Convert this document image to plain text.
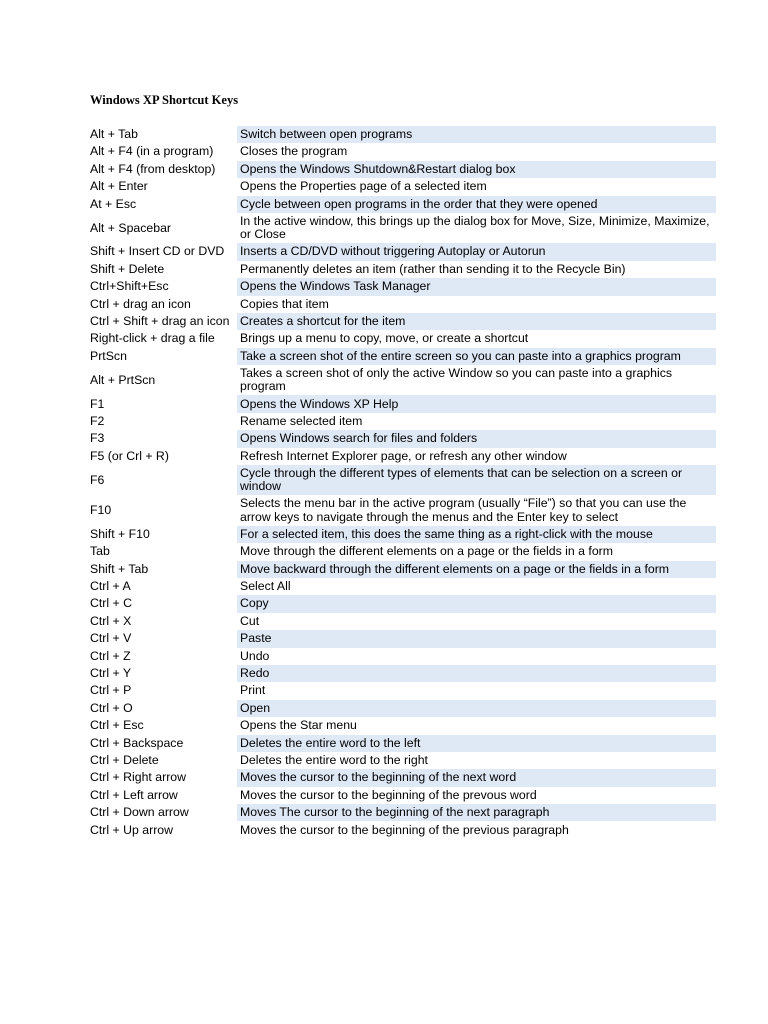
Windows XP Shortcut Keys
Alt + Tab	Switch between open programs
Alt + F4 (in a program)	Closes the program
Alt + F4 (from desktop)	Opens the Windows Shutdown&Restart dialog box
Alt + Enter	Opens the Properties page of a selected item
At + Esc	Cycle between open programs in the order that they were opened
Alt + Spacebar	In the active window, this brings up the dialog box for Move, Size, Minimize, Maximize, or Close
Shift + Insert CD or DVD	Inserts a CD/DVD without triggering Autoplay or Autorun
Shift + Delete	Permanently deletes an item (rather than sending it to the Recycle Bin)
Ctrl+Shift+Esc	Opens the Windows Task Manager
Ctrl + drag an icon	Copies that item
Ctrl + Shift + drag an icon	Creates a shortcut for the item
Right-click + drag a file	Brings up a menu to copy, move, or create a shortcut
PrtScn	Take a screen shot of the entire screen so you can paste into a graphics program
Alt + PrtScn	Takes a screen shot of only the active Window so you can paste into a graphics program
F1	Opens the Windows XP Help
F2	Rename selected item
F3	Opens Windows search for files and folders
F5 (or Crl + R)	Refresh Internet Explorer page, or refresh any other window
F6	Cycle through the different types of elements that can be selection on a screen or window
F10	Selects the menu bar in the active program (usually “File”) so that you can use the arrow keys to navigate through the menus and the Enter key to select
Shift + F10	For a selected item, this does the same thing as a right-click with the mouse
Tab	Move through the different elements on a page or the fields in a form
Shift + Tab	Move backward through the different elements on a page or the fields in a form
Ctrl + A	Select All
Ctrl + C	Copy
Ctrl + X	Cut
Ctrl + V	Paste
Ctrl + Z	Undo
Ctrl + Y	Redo
Ctrl + P	Print
Ctrl + O	Open
Ctrl + Esc	Opens the Star menu
Ctrl + Backspace	Deletes the entire word to the left
Ctrl + Delete	Deletes the entire word to the right
Ctrl + Right arrow	Moves the cursor to the beginning of the next word
Ctrl + Left arrow	Moves the cursor to the beginning of the prevous word
Ctrl + Down arrow	Moves The cursor to the beginning of the next paragraph
Ctrl + Up arrow	Moves the cursor to the beginning of the previous paragraph
